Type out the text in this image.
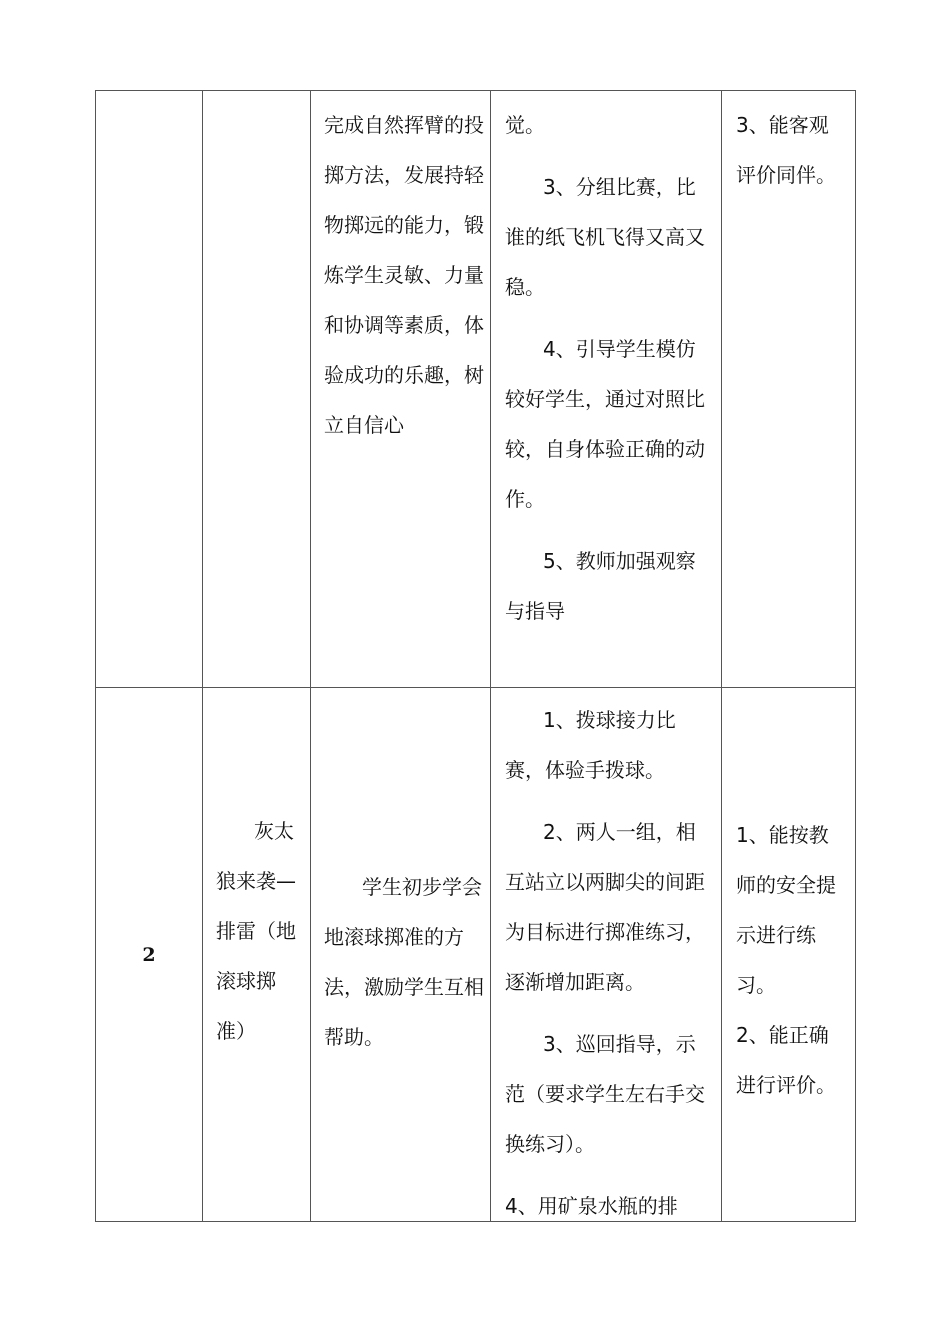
完成自然挥臂的投掷方法，发展持轻物掷远的能力，锻炼学生灵敏、力量和协调等素质，体验成功的乐趣，树立自信心

觉。

3、分组比赛，比谁的纸飞机飞得又高又稳。

4、引导学生模仿较好学生，通过对照比较，自身体验正确的动作。

5、教师加强观察与指导

3、能客观评价同伴。

2

灰太狼来袭—排雷（地滚球掷准）

学生初步学会地滚球掷准的方法，激励学生互相帮助。

1、拨球接力比赛，体验手拨球。

2、两人一组，相互站立以两脚尖的间距为目标进行掷准练习，逐渐增加距离。

3、巡回指导，示范（要求学生左右手交换练习）。

4、用矿泉水瓶的排

1、能按教师的安全提示进行练习。

2、能正确进行评价。
